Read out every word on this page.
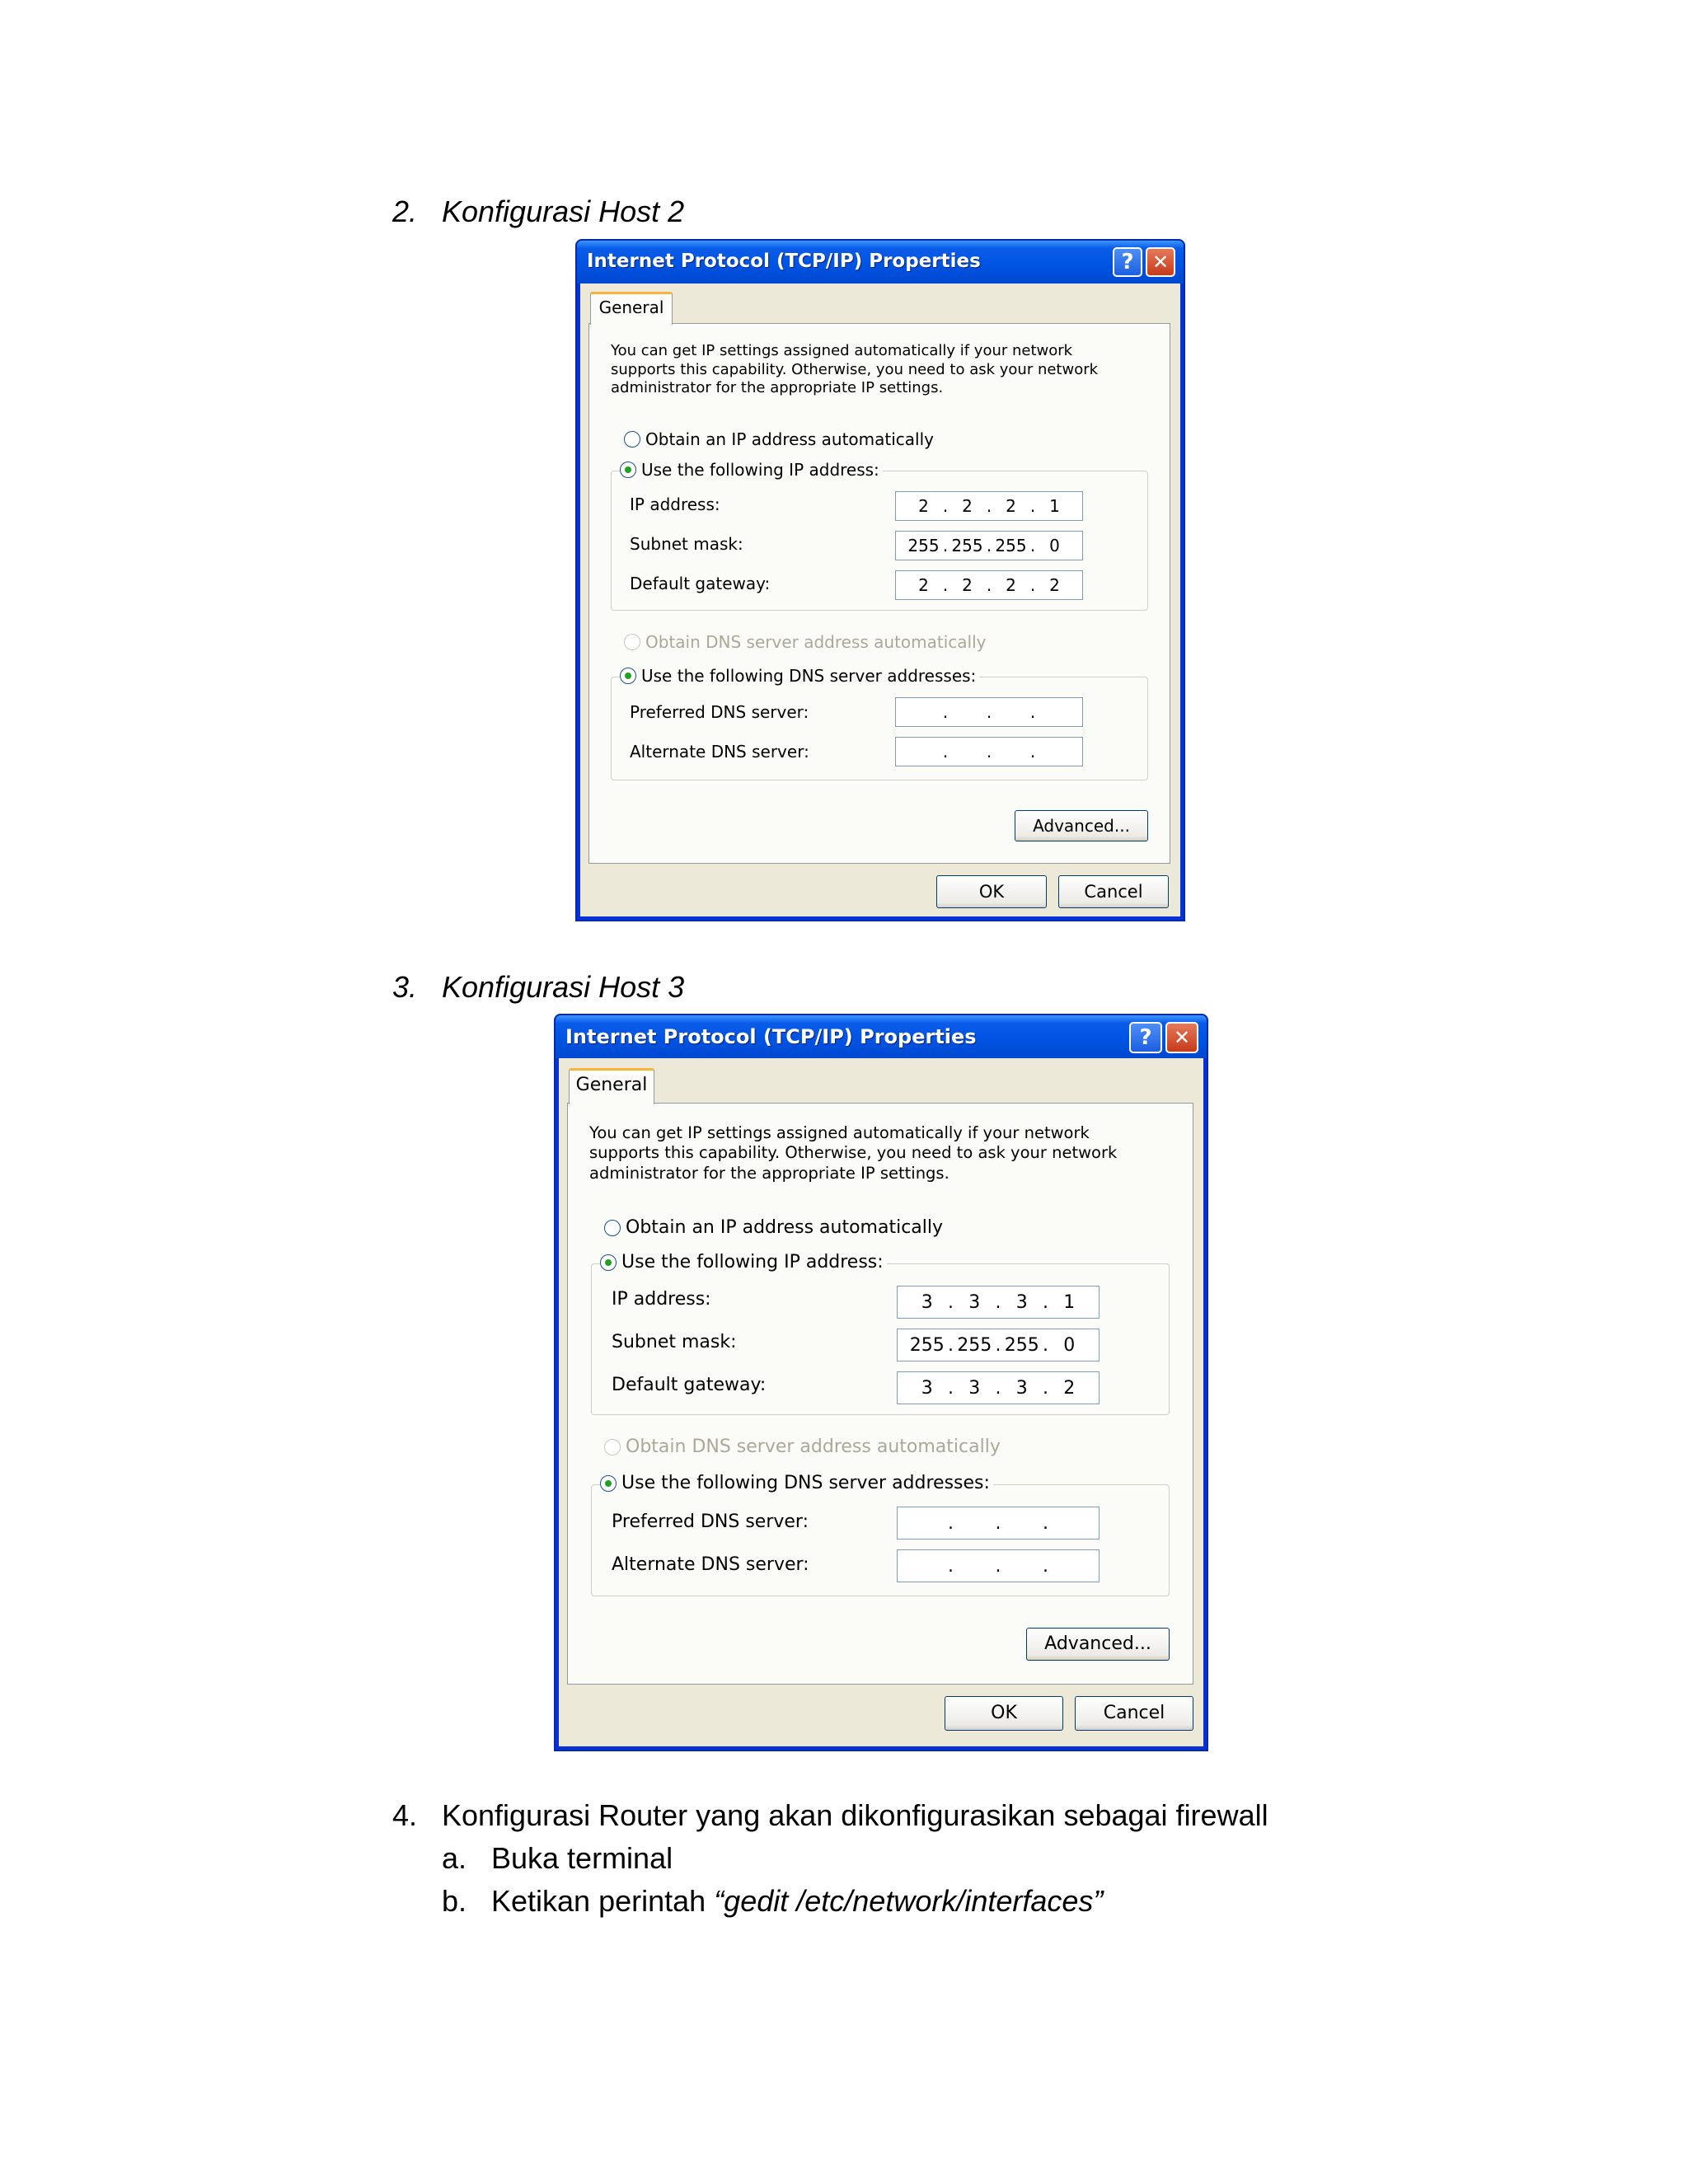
2. Konfigurasi Host 2
Internet Protocol (TCP/IP) Properties	? ✕
General
You can get IP settings assigned automatically if your network supports this capability. Otherwise, you need to ask your network administrator for the appropriate IP settings.
Obtain an IP address automatically
Use the following IP address:
IP address:	2 . 2 . 2 . 1
Subnet mask:	255 . 255 . 255 . 0
Default gateway:	2 . 2 . 2 . 2
Obtain DNS server address automatically
Use the following DNS server addresses:
Preferred DNS server:	. . .
Alternate DNS server:	. . .
Advanced...
OK	Cancel
3. Konfigurasi Host 3
Internet Protocol (TCP/IP) Properties	?	✕
General
You can get IP settings assigned automatically if your network supports this capability. Otherwise, you need to ask your network administrator for the appropriate IP settings.
Obtain an IP address automatically
Use the following IP address:
IP address:	3 . 3 . 3 . 1
Subnet mask:	255 . 255 . 255 . 0
Default gateway:	3 . 3 . 3 . 2
Obtain DNS server address automatically
Use the following DNS server addresses:
Preferred DNS server:	. . .
Alternate DNS server:	. . .
Advanced...
OK	Cancel
4. Konfigurasi Router yang akan dikonfigurasikan sebagai firewall
a. Buka terminal
b. Ketikan perintah “gedit /etc/network/interfaces”
